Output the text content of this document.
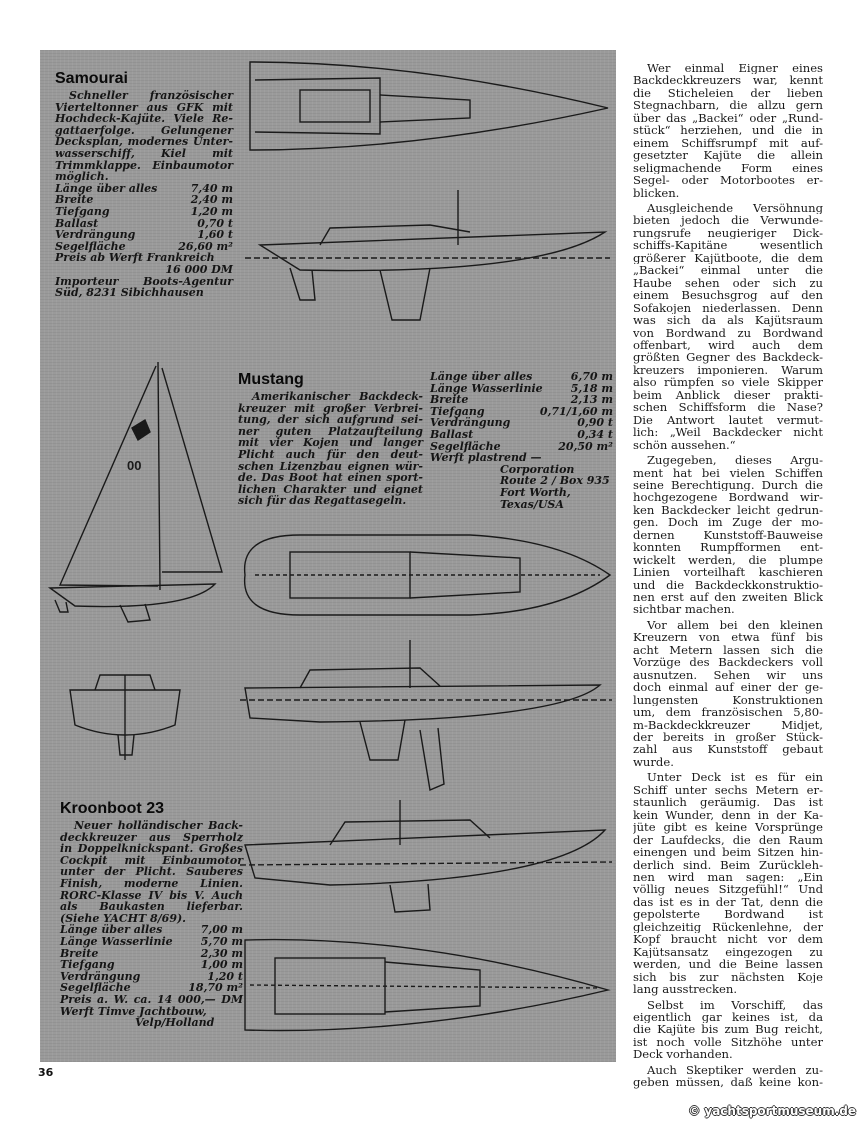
00
Samourai
Schneller französischer
Vierteltonner aus GFK mit
Hochdeck-Kajüte. Viele Re-
gattaerfolge. Gelungener
Decksplan, modernes Unter-
wasserschiff, Kiel mit
Trimmklappe. Einbaumotor
möglich.
Länge über alles	7,40 m
Breite	2,40 m
Tiefgang	1,20 m
Ballast	0,70 t
Verdrängung	1,60 t
Segelfläche	26,60 m²
Preis ab Werft Frankreich
16 000 DM
Importeur Boots-Agentur
Süd, 8231 Sibichhausen
Mustang
Amerikanischer Backdeck-
kreuzer mit großer Verbrei-
tung, der sich aufgrund sei-
ner guten Platzaufteilung
mit vier Kojen und langer
Plicht auch für den deut-
schen Lizenzbau eignen wür-
de. Das Boot hat einen sport-
lichen Charakter und eignet
sich für das Regattasegeln.
Länge über alles	6,70 m
Länge Wasserlinie	5,18 m
Breite	2,13 m
Tiefgang	0,71/1,60 m
Verdrängung	0,90 t
Ballast	0,34 t
Segelfläche	20,50 m²
Werft plastrend —
Corporation
Route 2 / Box 935
Fort Worth,
Texas/USA
Kroonboot 23
Neuer holländischer Back-
deckkreuzer aus Sperrholz
in Doppelknickspant. Großes
Cockpit mit Einbaumotor
unter der Plicht. Sauberes
Finish, moderne Linien.
RORC-Klasse IV bis V. Auch
als Baukasten lieferbar.
(Siehe YACHT 8/69).
Länge über alles	7,00 m
Länge Wasserlinie	5,70 m
Breite	2,30 m
Tiefgang	1,00 m
Verdrängung	1,20 t
Segelfläche	18,70 m²
Preis a. W. ca. 14 000,— DM
Werft Timve Jachtbouw,
Velp/Holland

Wer einmal Eigner eines
Backdeckkreuzers war, kennt
die Sticheleien der lieben
Stegnachbarn, die allzu gern
über das „Backei“ oder „Rund-
stück“ herziehen, und die in
einem Schiffsrumpf mit auf-
gesetzter Kajüte die allein
seligmachende Form eines
Segel- oder Motorbootes er-
blicken.

Ausgleichende Versöhnung
bieten jedoch die Verwunde-
rungsrufe neugieriger Dick-
schiffs-Kapitäne wesentlich
größerer Kajütboote, die dem
„Backei“ einmal unter die
Haube sehen oder sich zu
einem Besuchsgrog auf den
Sofakojen niederlassen. Denn
was sich da als Kajütsraum
von Bordwand zu Bordwand
offenbart, wird auch dem
größten Gegner des Backdeck-
kreuzers imponieren. Warum
also rümpfen so viele Skipper
beim Anblick dieser prakti-
schen Schiffsform die Nase?
Die Antwort lautet vermut-
lich: „Weil Backdecker nicht
schön aussehen.“

Zugegeben, dieses Argu-
ment hat bei vielen Schiffen
seine Berechtigung. Durch die
hochgezogene Bordwand wir-
ken Backdecker leicht gedrun-
gen. Doch im Zuge der mo-
dernen Kunststoff-Bauweise
konnten Rumpfformen ent-
wickelt werden, die plumpe
Linien vorteilhaft kaschieren
und die Backdeckkonstruktio-
nen erst auf den zweiten Blick
sichtbar machen.

Vor allem bei den kleinen
Kreuzern von etwa fünf bis
acht Metern lassen sich die
Vorzüge des Backdeckers voll
ausnutzen. Sehen wir uns
doch einmal auf einer der ge-
lungensten Konstruktionen
um, dem französischen 5,80-
m-Backdeckkreuzer Midjet,
der bereits in großer Stück-
zahl aus Kunststoff gebaut
wurde.

Unter Deck ist es für ein
Schiff unter sechs Metern er-
staunlich geräumig. Das ist
kein Wunder, denn in der Ka-
jüte gibt es keine Vorsprünge
der Laufdecks, die den Raum
einengen und beim Sitzen hin-
derlich sind. Beim Zurückleh-
nen wird man sagen: „Ein
völlig neues Sitzgefühl!“ Und
das ist es in der Tat, denn die
gepolsterte Bordwand ist
gleichzeitig Rückenlehne, der
Kopf braucht nicht vor dem
Kajütsansatz eingezogen zu
werden, und die Beine lassen
sich bis zur nächsten Koje
lang ausstrecken.

Selbst im Vorschiff, das
eigentlich gar keines ist, da
die Kajüte bis zum Bug reicht,
ist noch volle Sitzhöhe unter
Deck vorhanden.

Auch Skeptiker werden zu-
geben müssen, daß keine kon-

36
© yachtsportmuseum.de
